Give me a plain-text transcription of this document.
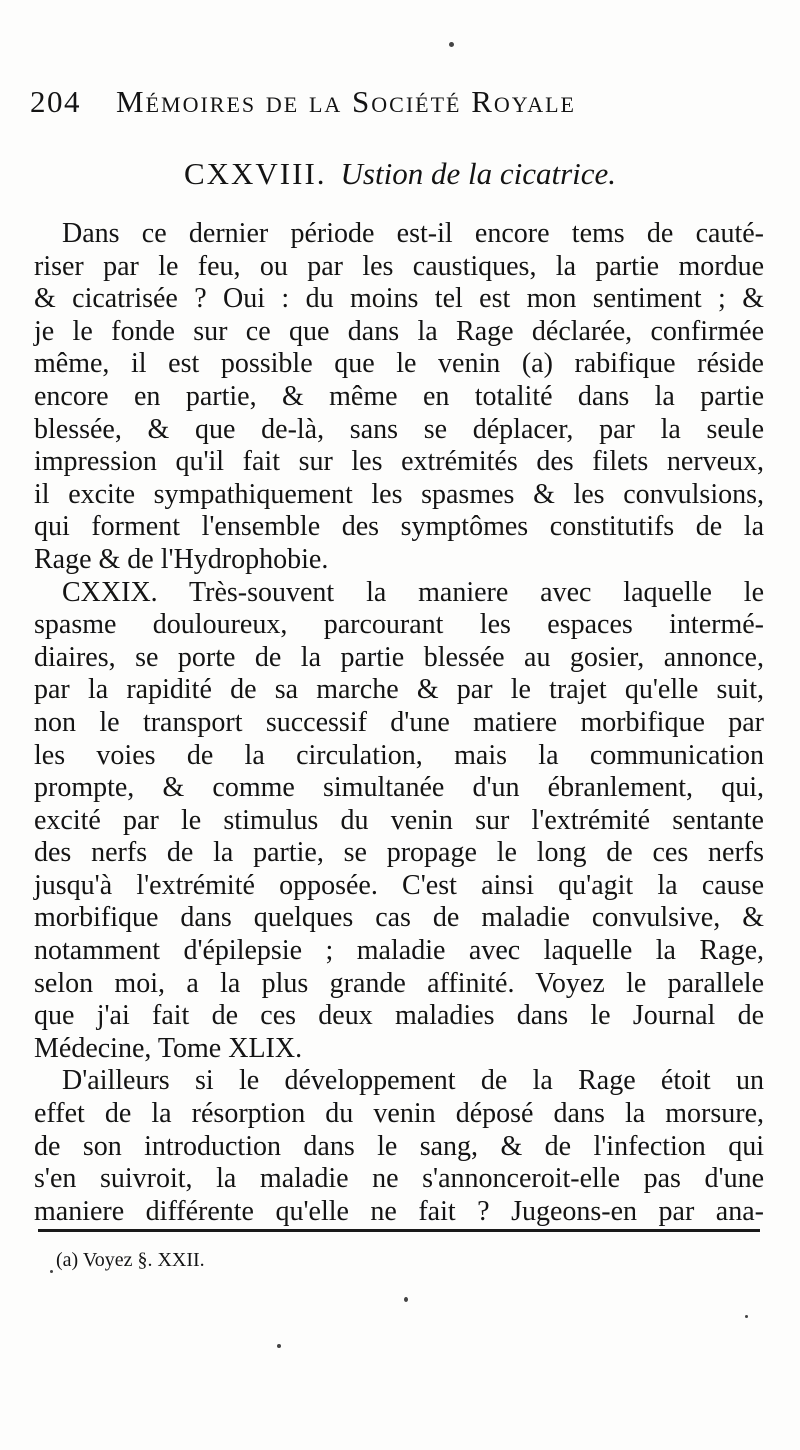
204 Mémoires de la Société Royale
CXXVIII. Ustion de la cicatrice.
Dans ce dernier période est-il encore tems de cauté-
riser par le feu, ou par les caustiques, la partie mordue
& cicatrisée ? Oui : du moins tel est mon sentiment ; &
je le fonde sur ce que dans la Rage déclarée, confirmée
même, il est possible que le venin (a) rabifique réside
encore en partie, & même en totalité dans la partie
blessée, & que de-là, sans se déplacer, par la seule
impression qu'il fait sur les extrémités des filets nerveux,
il excite sympathiquement les spasmes & les convulsions,
qui forment l'ensemble des symptômes constitutifs de la
Rage & de l'Hydrophobie.
CXXIX. Très-souvent la maniere avec laquelle le
spasme douloureux, parcourant les espaces intermé-
diaires, se porte de la partie blessée au gosier, annonce,
par la rapidité de sa marche & par le trajet qu'elle suit,
non le transport successif d'une matiere morbifique par
les voies de la circulation, mais la communication
prompte, & comme simultanée d'un ébranlement, qui,
excité par le stimulus du venin sur l'extrémité sentante
des nerfs de la partie, se propage le long de ces nerfs
jusqu'à l'extrémité opposée. C'est ainsi qu'agit la cause
morbifique dans quelques cas de maladie convulsive, &
notamment d'épilepsie ; maladie avec laquelle la Rage,
selon moi, a la plus grande affinité. Voyez le parallele
que j'ai fait de ces deux maladies dans le Journal de
Médecine, Tome XLIX.
D'ailleurs si le développement de la Rage étoit un
effet de la résorption du venin déposé dans la morsure,
de son introduction dans le sang, & de l'infection qui
s'en suivroit, la maladie ne s'annonceroit-elle pas d'une
maniere différente qu'elle ne fait ? Jugeons-en par ana-
(a) Voyez §. XXII.
